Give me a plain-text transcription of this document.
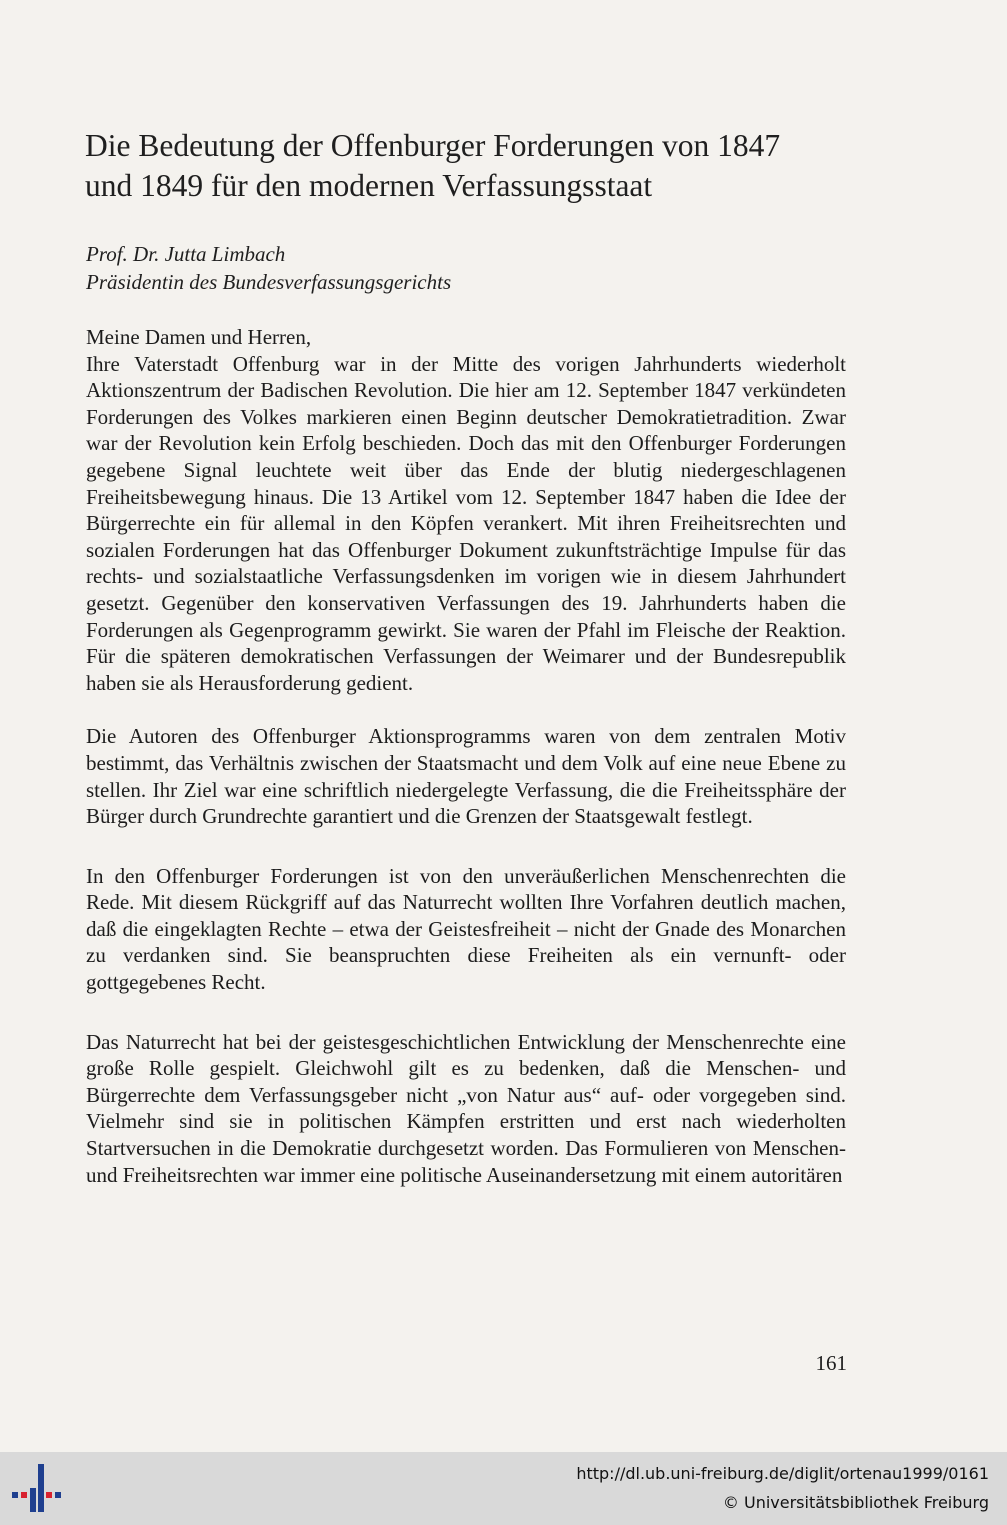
Die Bedeutung der Offenburger Forderungen von 1847
und 1849 für den modernen Verfassungsstaat
Prof. Dr. Jutta Limbach
Präsidentin des Bundesverfassungsgerichts
Meine Damen und Herren,

Ihre Vaterstadt Offenburg war in der Mitte des vorigen Jahrhunderts wiederholt Aktionszentrum der Badischen Revolution. Die hier am 12. September 1847 verkündeten Forderungen des Volkes markieren einen Beginn deutscher Demokratietradition. Zwar war der Revolution kein Erfolg beschieden. Doch das mit den Offenburger Forderungen gegebene Signal leuchtete weit über das Ende der blutig niedergeschlagenen Freiheitsbewegung hinaus. Die 13 Artikel vom 12. September 1847 haben die Idee der Bürgerrechte ein für allemal in den Köpfen verankert. Mit ihren Freiheitsrechten und sozialen Forderungen hat das Offenburger Dokument zukunftsträchtige Impulse für das rechts- und sozialstaatliche Verfassungsdenken im vorigen wie in diesem Jahrhundert gesetzt. Gegenüber den konservativen Verfassungen des 19. Jahrhunderts haben die Forderungen als Gegenprogramm gewirkt. Sie waren der Pfahl im Fleische der Reaktion. Für die späteren demokratischen Verfassungen der Weimarer und der Bundesrepublik haben sie als Herausforderung gedient.

Die Autoren des Offenburger Aktionsprogramms waren von dem zentralen Motiv bestimmt, das Verhältnis zwischen der Staatsmacht und dem Volk auf eine neue Ebene zu stellen. Ihr Ziel war eine schriftlich niedergelegte Verfassung, die die Freiheitssphäre der Bürger durch Grundrechte garantiert und die Grenzen der Staatsgewalt festlegt.

In den Offenburger Forderungen ist von den unveräußerlichen Menschenrechten die Rede. Mit diesem Rückgriff auf das Naturrecht wollten Ihre Vorfahren deutlich machen, daß die eingeklagten Rechte – etwa der Geistesfreiheit – nicht der Gnade des Monarchen zu verdanken sind. Sie beanspruchten diese Freiheiten als ein vernunft- oder gottgegebenes Recht.

Das Naturrecht hat bei der geistesgeschichtlichen Entwicklung der Menschenrechte eine große Rolle gespielt. Gleichwohl gilt es zu bedenken, daß die Menschen- und Bürgerrechte dem Verfassungsgeber nicht „von Natur aus“ auf- oder vorgegeben sind. Vielmehr sind sie in politischen Kämpfen erstritten und erst nach wiederholten Startversuchen in die Demokratie durchgesetzt worden. Das Formulieren von Menschen- und Freiheitsrechten war immer eine politische Auseinandersetzung mit einem autoritären

161
http://dl.ub.uni-freiburg.de/diglit/ortenau1999/0161
© Universitätsbibliothek Freiburg
